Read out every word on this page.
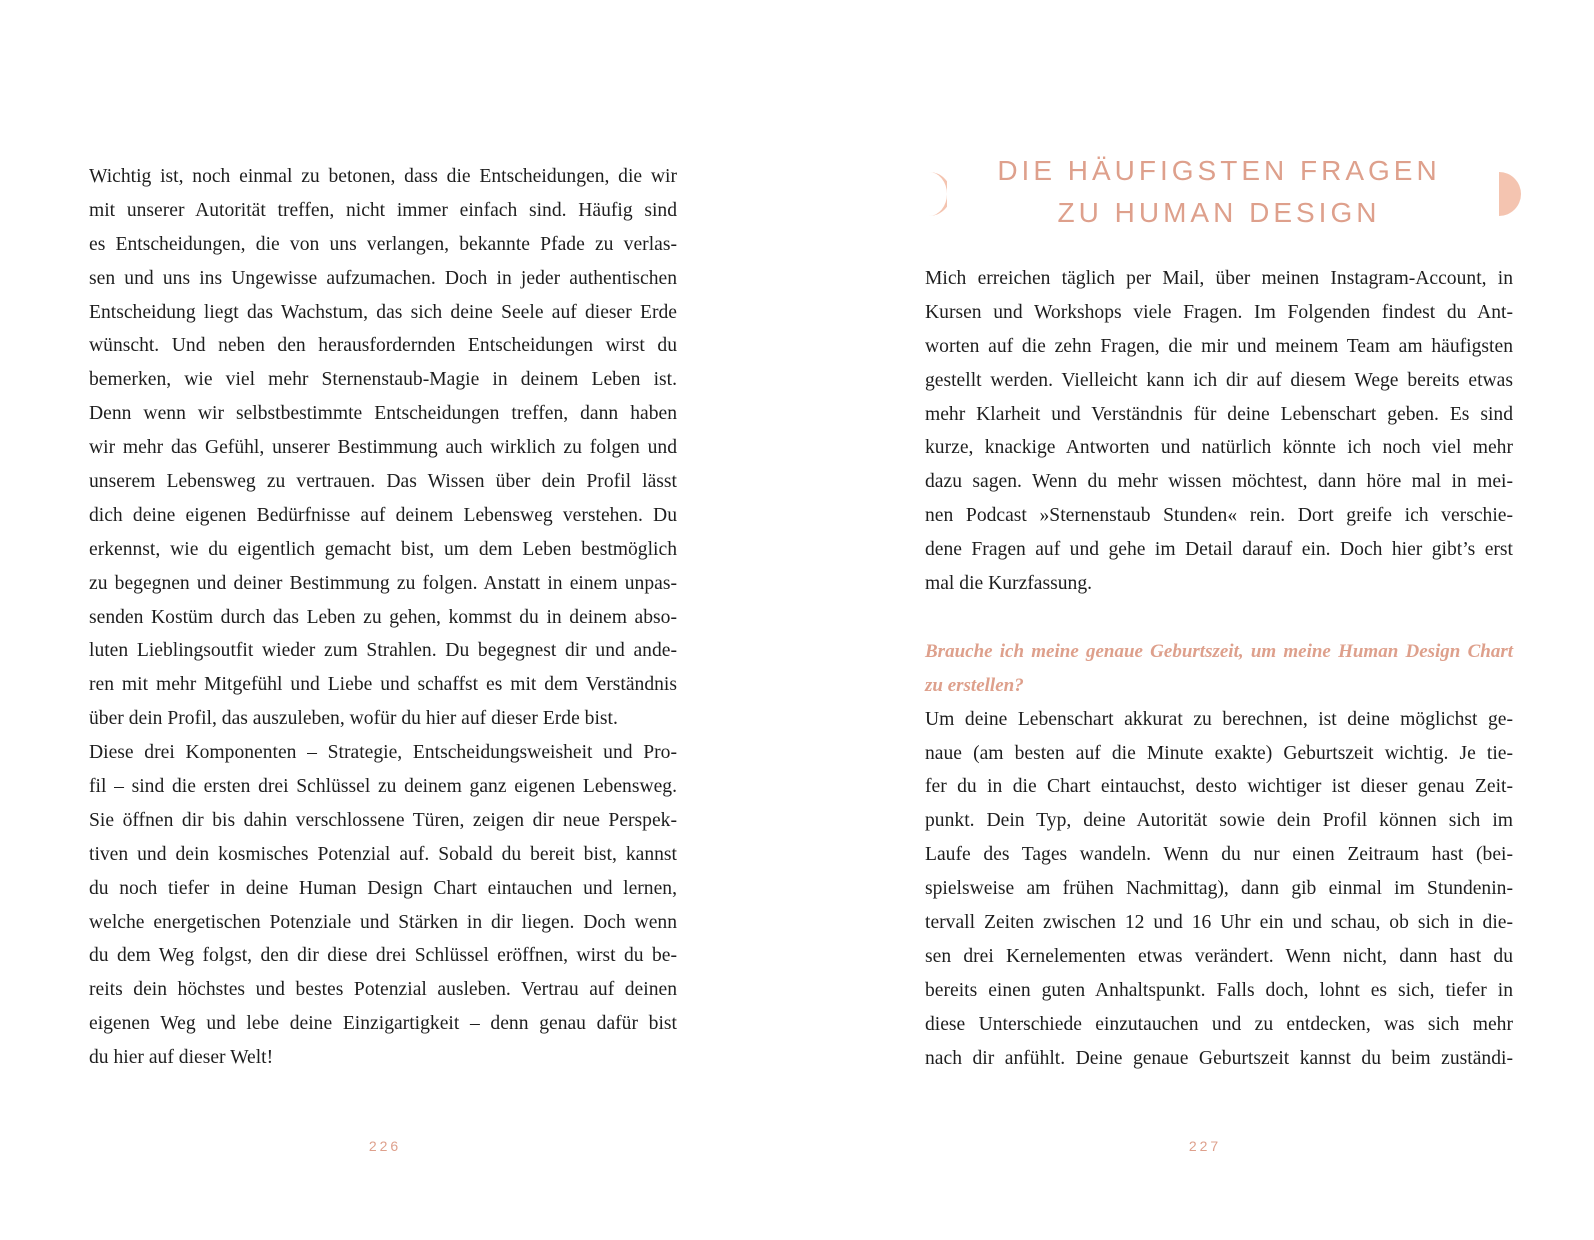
Wichtig ist, noch einmal zu betonen, dass die Entscheidungen, die wir
mit unserer Autorität treffen, nicht immer einfach sind. Häufig sind
es Entscheidungen, die von uns verlangen, bekannte Pfade zu verlas-
sen und uns ins Ungewisse aufzumachen. Doch in jeder authentischen
Entscheidung liegt das Wachstum, das sich deine Seele auf dieser Erde
wünscht. Und neben den herausfordernden Entscheidungen wirst du
bemerken, wie viel mehr Sternenstaub-Magie in deinem Leben ist.
Denn wenn wir selbstbestimmte Entscheidungen treffen, dann haben
wir mehr das Gefühl, unserer Bestimmung auch wirklich zu folgen und
unserem Lebensweg zu vertrauen. Das Wissen über dein Profil lässt
dich deine eigenen Bedürfnisse auf deinem Lebensweg verstehen. Du
erkennst, wie du eigentlich gemacht bist, um dem Leben bestmöglich
zu begegnen und deiner Bestimmung zu folgen. Anstatt in einem unpas-
senden Kostüm durch das Leben zu gehen, kommst du in deinem abso-
luten Lieblingsoutfit wieder zum Strahlen. Du begegnest dir und ande-
ren mit mehr Mitgefühl und Liebe und schaffst es mit dem Verständnis
über dein Profil, das auszuleben, wofür du hier auf dieser Erde bist.
Diese drei Komponenten – Strategie, Entscheidungsweisheit und Pro-
fil – sind die ersten drei Schlüssel zu deinem ganz eigenen Lebensweg.
Sie öffnen dir bis dahin verschlossene Türen, zeigen dir neue Perspek-
tiven und dein kosmisches Potenzial auf. Sobald du bereit bist, kannst
du noch tiefer in deine Human Design Chart eintauchen und lernen,
welche energetischen Potenziale und Stärken in dir liegen. Doch wenn
du dem Weg folgst, den dir diese drei Schlüssel eröffnen, wirst du be-
reits dein höchstes und bestes Potenzial ausleben. Vertrau auf deinen
eigenen Weg und lebe deine Einzigartigkeit – denn genau dafür bist
du hier auf dieser Welt!
226
DIE HÄUFIGSTEN FRAGEN
ZU HUMAN DESIGN
Mich erreichen täglich per Mail, über meinen Instagram-Account, in
Kursen und Workshops viele Fragen. Im Folgenden findest du Ant-
worten auf die zehn Fragen, die mir und meinem Team am häufigsten
gestellt werden. Vielleicht kann ich dir auf diesem Wege bereits etwas
mehr Klarheit und Verständnis für deine Lebenschart geben. Es sind
kurze, knackige Antworten und natürlich könnte ich noch viel mehr
dazu sagen. Wenn du mehr wissen möchtest, dann höre mal in mei-
nen Podcast »Sternenstaub Stunden« rein. Dort greife ich verschie-
dene Fragen auf und gehe im Detail darauf ein. Doch hier gibt’s erst
mal die Kurzfassung.
Brauche ich meine genaue Geburtszeit, um meine Human Design Chart
zu erstellen?
Um deine Lebenschart akkurat zu berechnen, ist deine möglichst ge-
naue (am besten auf die Minute exakte) Geburtszeit wichtig. Je tie-
fer du in die Chart eintauchst, desto wichtiger ist dieser genau Zeit-
punkt. Dein Typ, deine Autorität sowie dein Profil können sich im
Laufe des Tages wandeln. Wenn du nur einen Zeitraum hast (bei-
spielsweise am frühen Nachmittag), dann gib einmal im Stundenin-
tervall Zeiten zwischen 12 und 16 Uhr ein und schau, ob sich in die-
sen drei Kernelementen etwas verändert. Wenn nicht, dann hast du
bereits einen guten Anhaltspunkt. Falls doch, lohnt es sich, tiefer in
diese Unterschiede einzutauchen und zu entdecken, was sich mehr
nach dir anfühlt. Deine genaue Geburtszeit kannst du beim zuständi-
227
